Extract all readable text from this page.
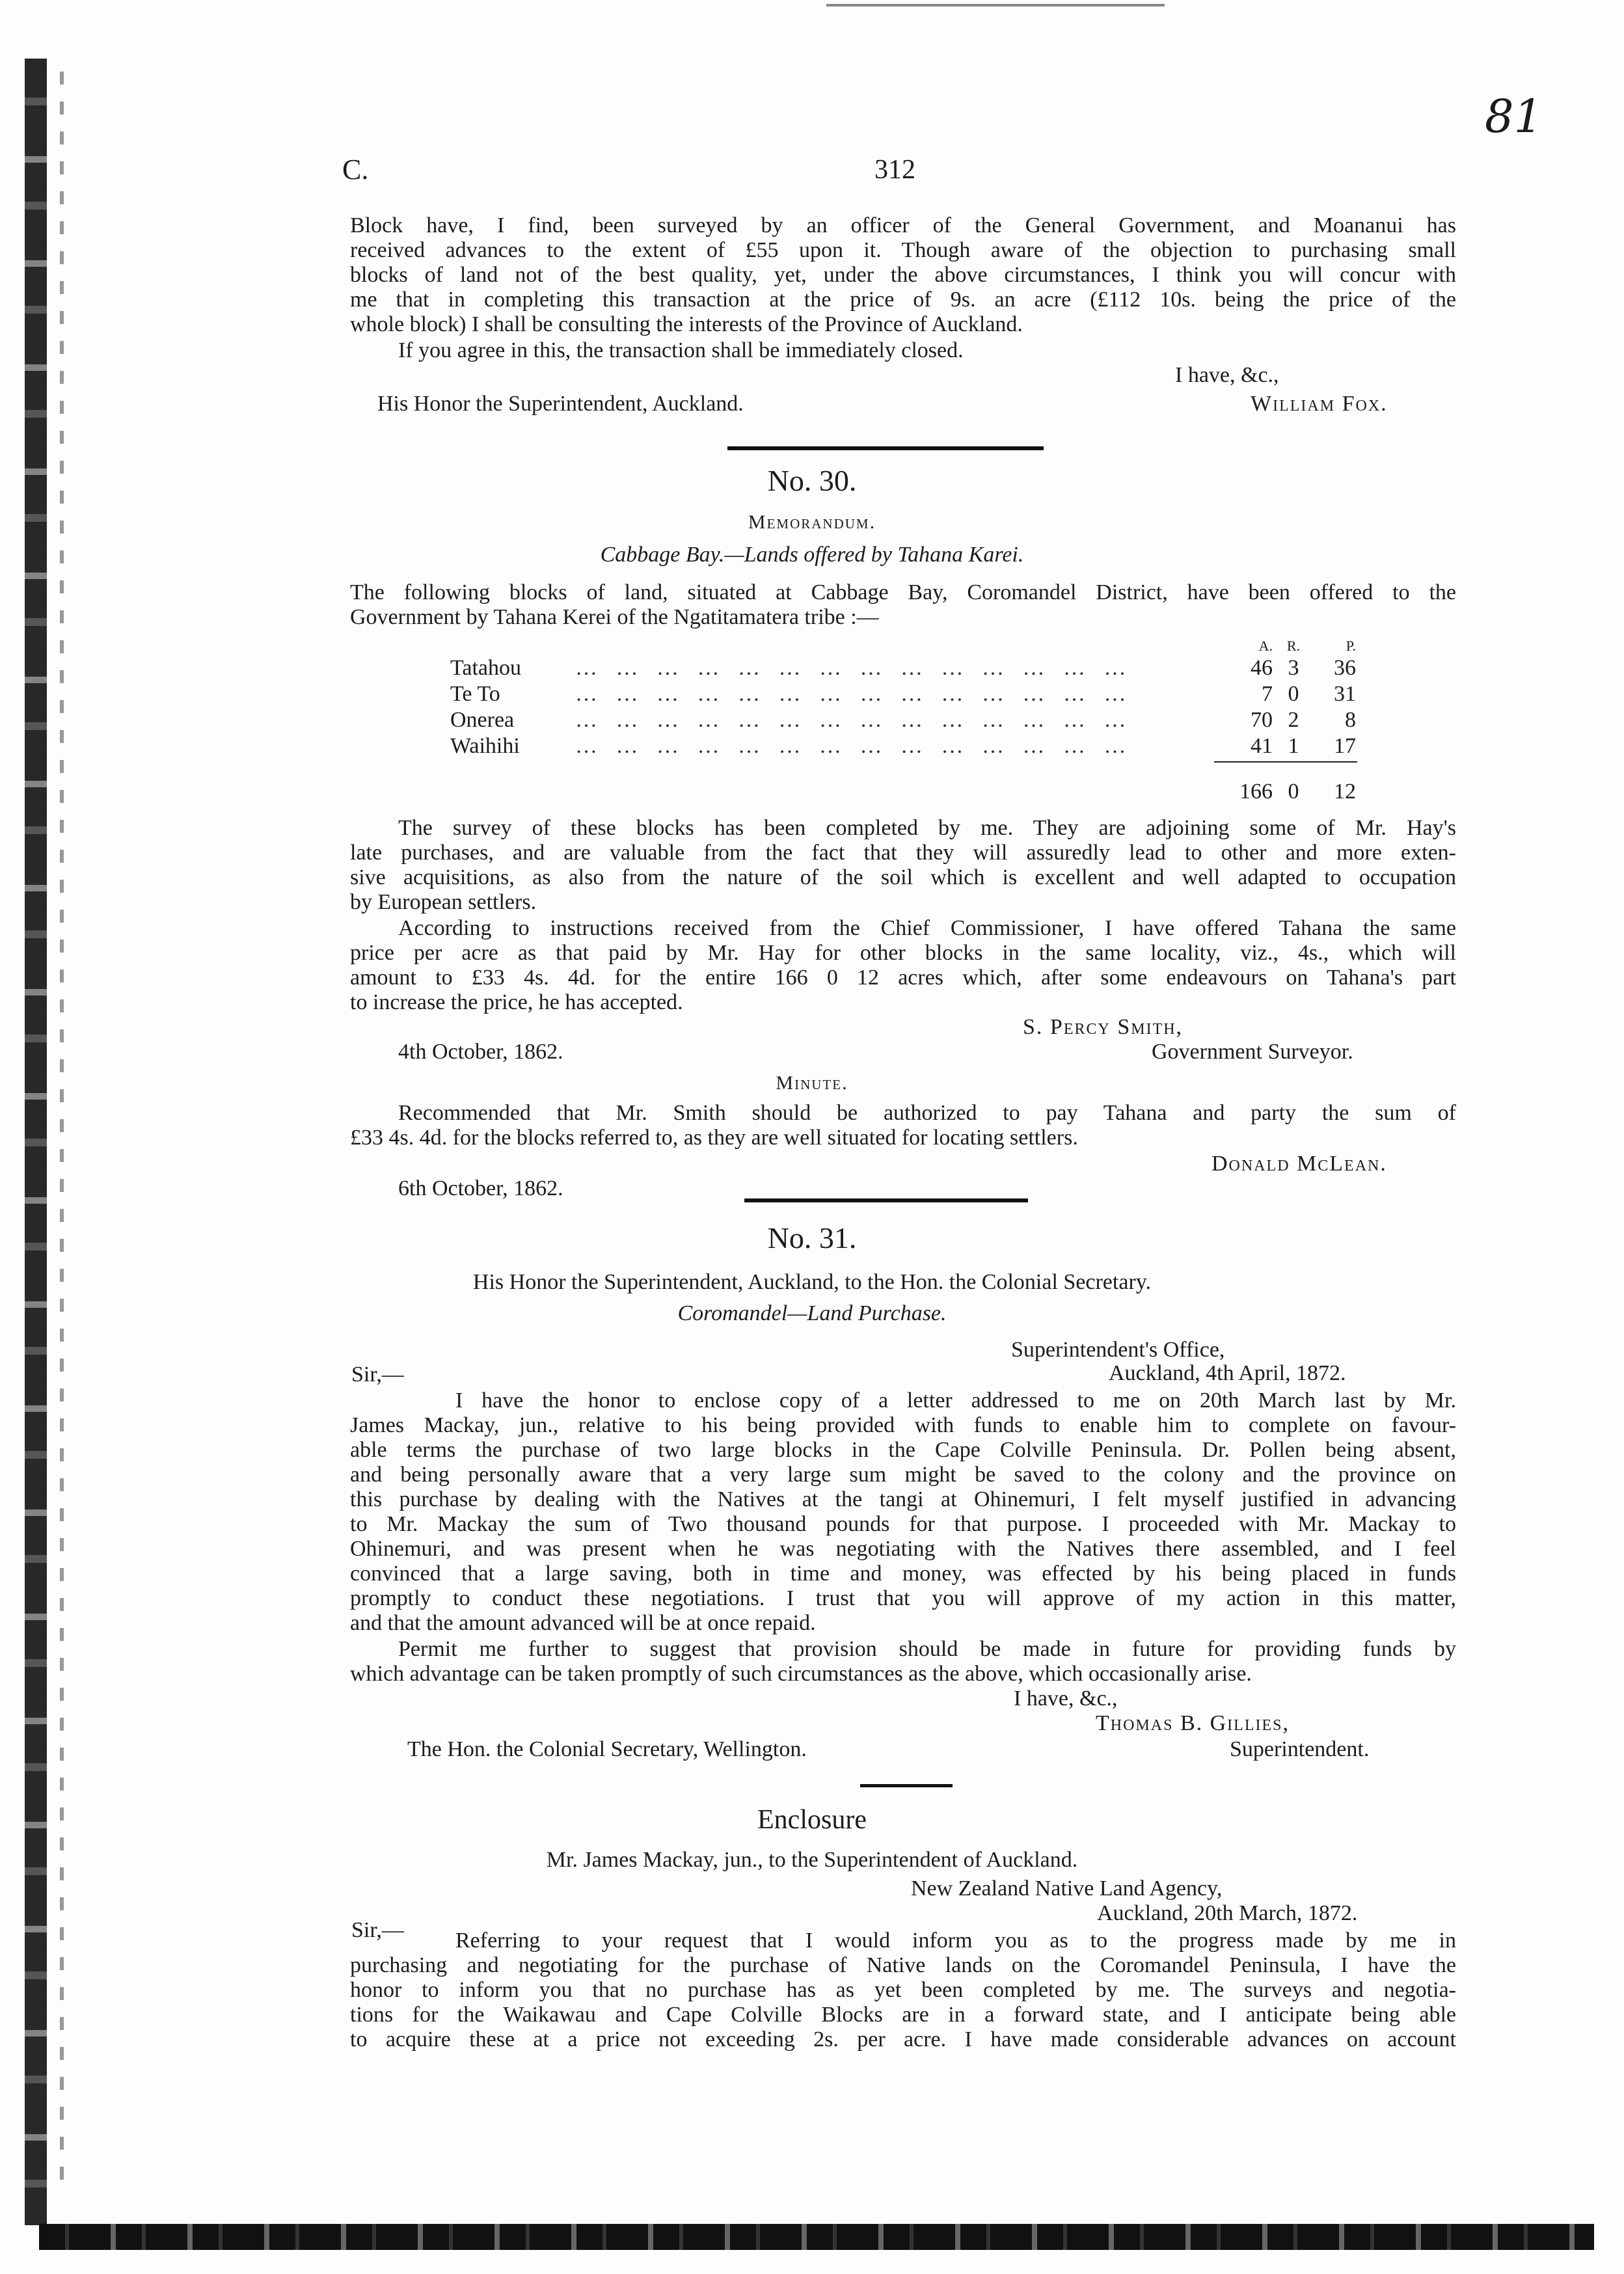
81
C.	312
Block have, I find, been surveyed by an officer of the General Government, and Moananui has
received advances to the extent of £55 upon it. Though aware of the objection to purchasing small
blocks of land not of the best quality, yet, under the above circumstances, I think you will concur with
me that in completing this transaction at the price of 9s. an acre (£112 10s. being the price of the
whole block) I shall be consulting the interests of the Province of Auckland.
If you agree in this, the transaction shall be immediately closed.
I have, &c.,
His Honor the Superintendent, Auckland.	William Fox.
No. 30.
Memorandum.
Cabbage Bay.—Lands offered by Tahana Karei.
The following blocks of land, situated at Cabbage Bay, Coromandel District, have been offered to the
Government by Tahana Kerei of the Ngatitamatera tribe :—
A. R.	P.
Tatahou … … … … … … … … … … … … … …	46 3	36
Te To	… … … … … … … … … … … … … …	7 0	31
Onerea	… … … … … … … … … … … … … …	70 2	8
Waihihi	… … … … … … … … … … … … … …	41 1	17
166 0	12
The survey of these blocks has been completed by me. They are adjoining some of Mr. Hay's
late purchases, and are valuable from the fact that they will assuredly lead to other and more exten-
sive acquisitions, as also from the nature of the soil which is excellent and well adapted to occupation
by European settlers.
According to instructions received from the Chief Commissioner, I have offered Tahana the same
price per acre as that paid by Mr. Hay for other blocks in the same locality, viz., 4s., which will
amount to £33 4s. 4d. for the entire 166 0 12 acres which, after some endeavours on Tahana's part
to increase the price, he has accepted.
S. Percy Smith,
4th October, 1862.	Government Surveyor.
Minute.
Recommended that Mr. Smith should be authorized to pay Tahana and party the sum of
£33 4s. 4d. for the blocks referred to, as they are well situated for locating settlers.
Donald McLean.
6th October, 1862.
No. 31.
His Honor the Superintendent, Auckland, to the Hon. the Colonial Secretary.
Coromandel—Land Purchase.
Superintendent's Office,
Sir,—	Auckland, 4th April, 1872.
I have the honor to enclose copy of a letter addressed to me on 20th March last by Mr.
James Mackay, jun., relative to his being provided with funds to enable him to complete on favour-
able terms the purchase of two large blocks in the Cape Colville Peninsula. Dr. Pollen being absent,
and being personally aware that a very large sum might be saved to the colony and the province on
this purchase by dealing with the Natives at the tangi at Ohinemuri, I felt myself justified in advancing
to Mr. Mackay the sum of Two thousand pounds for that purpose. I proceeded with Mr. Mackay to
Ohinemuri, and was present when he was negotiating with the Natives there assembled, and I feel
convinced that a large saving, both in time and money, was effected by his being placed in funds
promptly to conduct these negotiations. I trust that you will approve of my action in this matter,
and that the amount advanced will be at once repaid.
Permit me further to suggest that provision should be made in future for providing funds by
which advantage can be taken promptly of such circumstances as the above, which occasionally arise.
I have, &c.,
Thomas B. Gillies,
The Hon. the Colonial Secretary, Wellington.	Superintendent.
Enclosure
Mr. James Mackay, jun., to the Superintendent of Auckland.
New Zealand Native Land Agency,
Auckland, 20th March, 1872.
Sir,— Referring to your request that I would inform you as to the progress made by me in
purchasing and negotiating for the purchase of Native lands on the Coromandel Peninsula, I have the
honor to inform you that no purchase has as yet been completed by me. The surveys and negotia-
tions for the Waikawau and Cape Colville Blocks are in a forward state, and I anticipate being able
to acquire these at a price not exceeding 2s. per acre. I have made considerable advances on account
